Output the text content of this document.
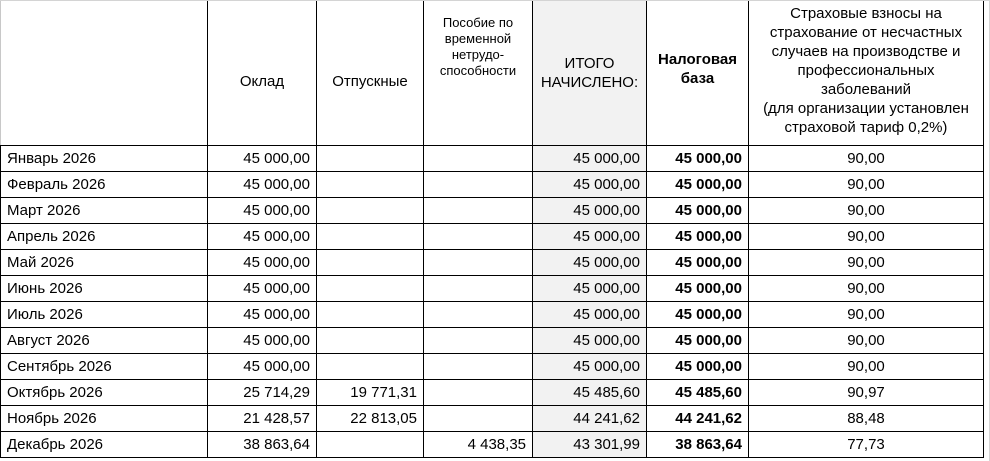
	Оклад	Отпускные	Пособие по временной нетрудо-способности	ИТОГО НАЧИСЛЕНО:	Налоговая база	Страховые взносы на страхование от несчастных случаев на производстве и профессиональных заболеваний
(для организации установлен страховой тариф 0,2%)

Январь 2026	45 000,00			45 000,00	45 000,00	90,00
Февраль 2026	45 000,00			45 000,00	45 000,00	90,00
Март 2026	45 000,00			45 000,00	45 000,00	90,00
Апрель 2026	45 000,00			45 000,00	45 000,00	90,00
Май 2026	45 000,00			45 000,00	45 000,00	90,00
Июнь 2026	45 000,00			45 000,00	45 000,00	90,00
Июль 2026	45 000,00			45 000,00	45 000,00	90,00
Август 2026	45 000,00			45 000,00	45 000,00	90,00
Сентябрь 2026	45 000,00			45 000,00	45 000,00	90,00
Октябрь 2026	25 714,29	19 771,31		45 485,60	45 485,60	90,97
Ноябрь 2026	21 428,57	22 813,05		44 241,62	44 241,62	88,48
Декабрь 2026	38 863,64		4 438,35	43 301,99	38 863,64	77,73
